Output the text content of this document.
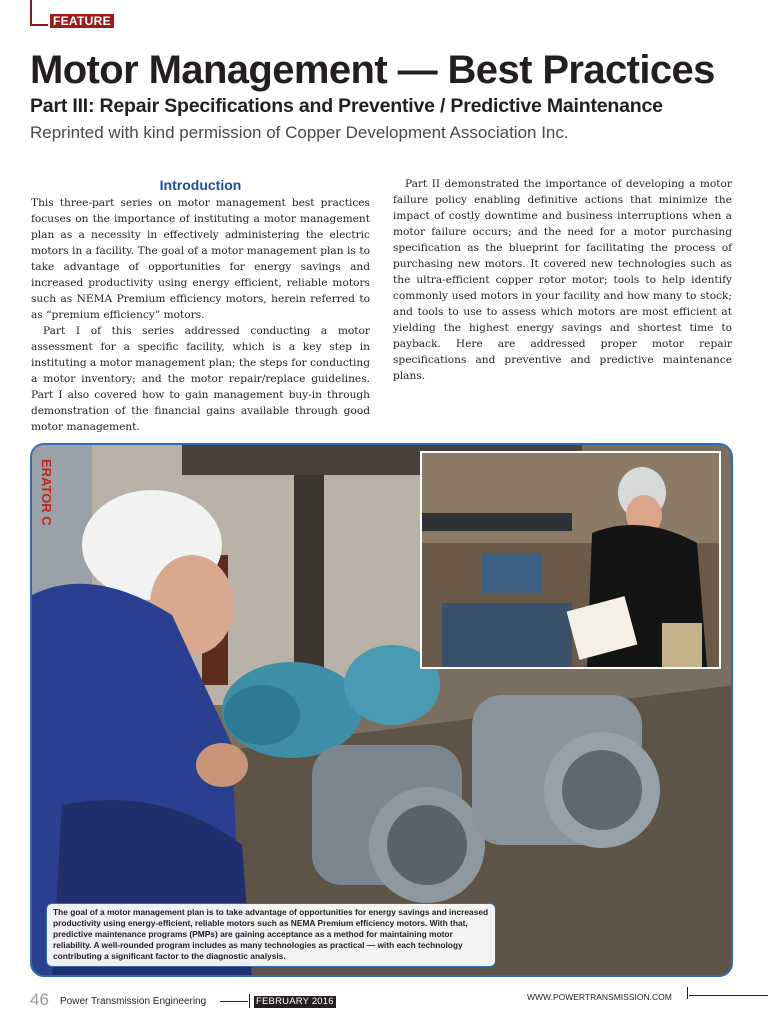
FEATURE
Motor Management — Best Practices
Part III: Repair Specifications and Preventive / Predictive Maintenance
Reprinted with kind permission of Copper Development Association Inc.
Introduction

This three-part series on motor management best practices focuses on the importance of instituting a motor management plan as a necessity in effectively administering the electric motors in a facility. The goal of a motor management plan is to take advantage of opportunities for energy savings and increased productivity using energy efficient, reliable motors such as NEMA Premium efficiency motors, herein referred to as “premium efficiency” motors.

Part I of this series addressed conducting a motor assessment for a specific facility, which is a key step in instituting a motor management plan; the steps for conducting a motor inventory; and the motor repair/replace guidelines. Part I also covered how to gain management buy-in through demonstration of the financial gains available through good motor management.

Part II demonstrated the importance of developing a motor failure policy enabling definitive actions that minimize the impact of costly downtime and business interruptions when a motor failure occurs; and the need for a motor purchasing specification as the blueprint for facilitating the process of purchasing new motors. It covered new technologies such as the ultra-efficient copper rotor motor; tools to help identify commonly used motors in your facility and how many to stock; and tools to use to assess which motors are most efficient at yielding the highest energy savings and shortest time to payback. Here are addressed proper motor repair specifications and preventive and predictive maintenance plans.

ERATOR C
The goal of a motor management plan is to take advantage of opportunities for energy savings and increased productivity using energy-efficient, reliable motors such as NEMA Premium efficiency motors. With that, predictive maintenance programs (PMPs) are gaining acceptance as a method for maintaining motor reliability. A well-rounded program includes as many technologies as practical — with each technology contributing a significant factor to the diagnostic analysis.
46 Power Transmission Engineering	FEBRUARY 2016	WWW.POWERTRANSMISSION.COM
